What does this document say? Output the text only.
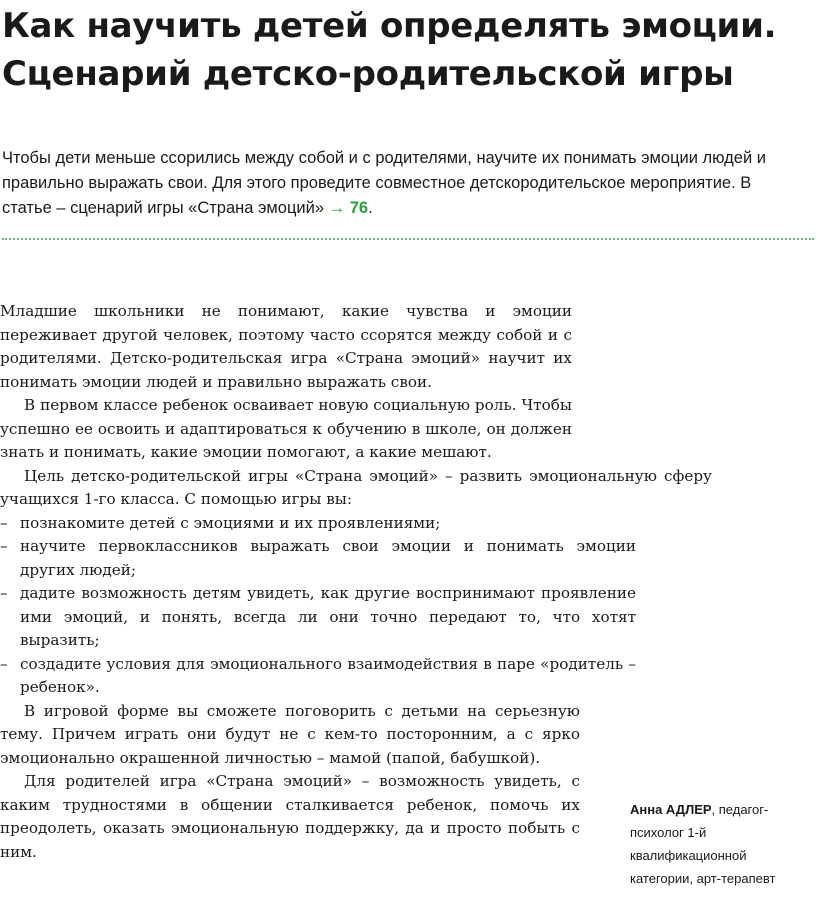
Как научить детей определять эмоции.
Сценарий детско-родительской игры
Чтобы дети меньше ссорились между собой и с родителями, научите их понимать эмоции людей и правильно выражать свои. Для этого проведите совместное детскородительское мероприятие. В статье – сценарий игры «Страна эмоций» → 76.

Младшие школьники не понимают, какие чувства и эмоции переживает другой человек, поэтому часто ссорятся между собой и с родителями. Детско-родительская игра «Страна эмоций» научит их понимать эмоции людей и правильно выражать свои.

В первом классе ребенок осваивает новую социальную роль. Чтобы успешно ее освоить и адаптироваться к обучению в школе, он должен знать и понимать, какие эмоции помогают, а какие мешают.

Цель детско-родительской игры «Страна эмоций» – развить эмоциональную сферу учащихся 1-го класса. С помощью игры вы:

– познакомите детей с эмоциями и их проявлениями;
– научите первоклассников выражать свои эмоции и понимать эмоции других людей;
– дадите возможность детям увидеть, как другие воспринимают проявление ими эмоций, и понять, всегда ли они точно передают то, что хотят выразить;
– создадите условия для эмоционального взаимодействия в паре «родитель – ребенок».

В игровой форме вы сможете поговорить с детьми на серьезную тему. Причем играть они будут не с кем-то посторонним, а с ярко эмоционально окрашенной личностью – мамой (папой, бабушкой).

Для родителей игра «Страна эмоций» – возможность увидеть, с каким трудностями в общении сталкивается ребенок, помочь их преодолеть, оказать эмоциональную поддержку, да и просто побыть с ним.

Анна АДЛЕР, педагог-психолог 1-й квалификационной категории, арт-терапевт
